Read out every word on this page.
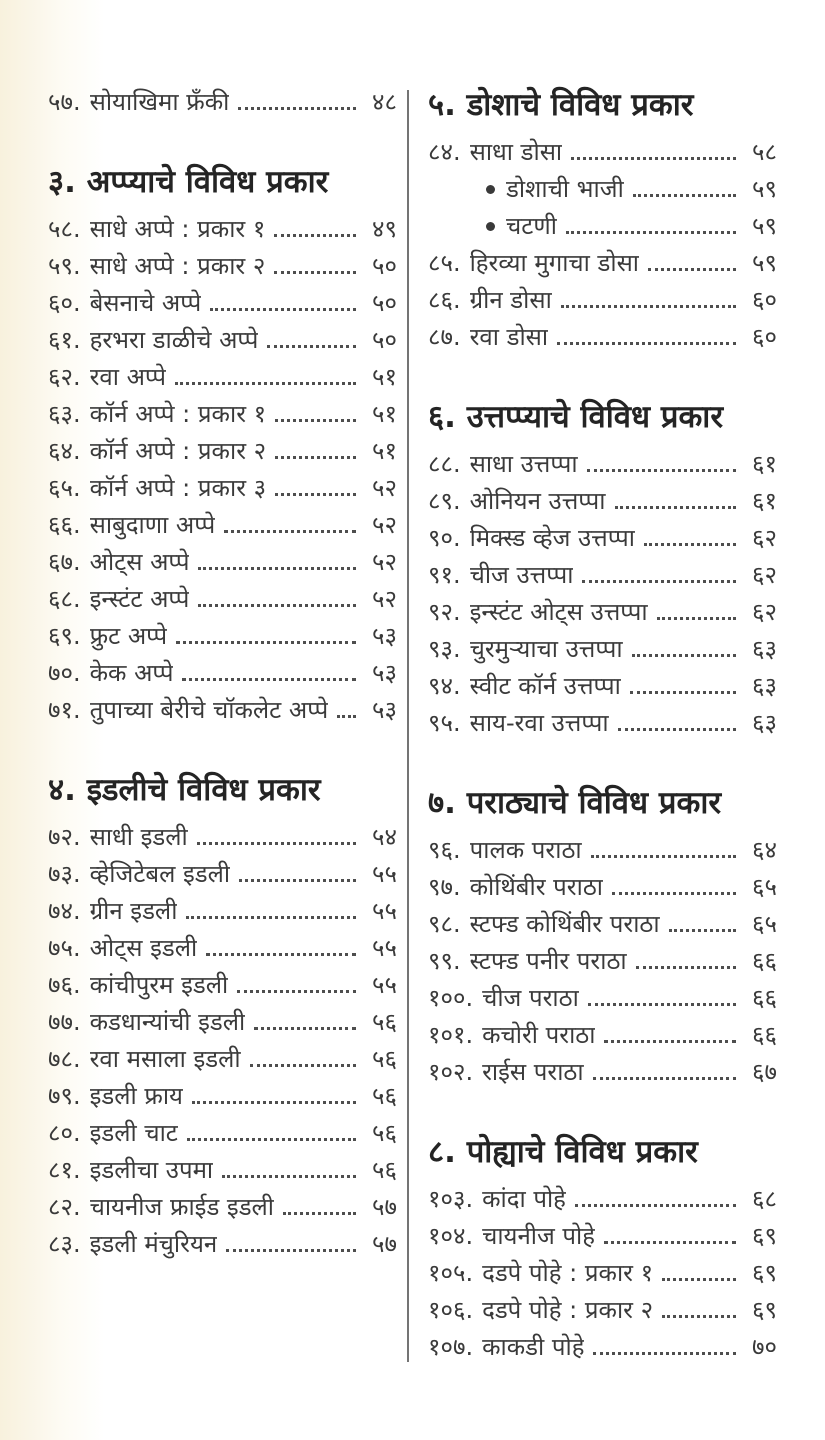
५७. सोयाखिमा फ्रँकी	४८
३. अप्प्याचे विविध प्रकार
५८. साधे अप्पे : प्रकार १	४९
५९. साधे अप्पे : प्रकार २	५०
६०. बेसनाचे अप्पे	५०
६१. हरभरा डाळीचे अप्पे	५०
६२. रवा अप्पे	५१
६३. कॉर्न अप्पे : प्रकार १	५१
६४. कॉर्न अप्पे : प्रकार २	५१
६५. कॉर्न अप्पे : प्रकार ३	५२
६६. साबुदाणा अप्पे	५२
६७. ओट्स अप्पे	५२
६८. इन्स्टंट अप्पे	५२
६९. फ्रुट अप्पे	५३
७०. केक अप्पे	५३
७१. तुपाच्या बेरीचे चॉकलेट अप्पे	५३
४. इडलीचे विविध प्रकार
७२. साधी इडली	५४
७३. व्हेजिटेबल इडली	५५
७४. ग्रीन इडली	५५
७५. ओट्स इडली	५५
७६. कांचीपुरम इडली	५५
७७. कडधान्यांची इडली	५६
७८. रवा मसाला इडली	५६
७९. इडली फ्राय	५६
८०. इडली चाट	५६
८१. इडलीचा उपमा	५६
८२. चायनीज फ्राईड इडली	५७
८३. इडली मंचुरियन	५७
५. डोशाचे विविध प्रकार
८४. साधा डोसा	५८
डोशाची भाजी	५९
चटणी	५९
८५. हिरव्या मुगाचा डोसा	५९
८६. ग्रीन डोसा	६०
८७. रवा डोसा	६०
६. उत्तप्प्याचे विविध प्रकार
८८. साधा उत्तप्पा	६१
८९. ओनियन उत्तप्पा	६१
९०. मिक्स्ड व्हेज उत्तप्पा	६२
९१. चीज उत्तप्पा	६२
९२. इन्स्टंट ओट्स उत्तप्पा	६२
९३. चुरमुऱ्याचा उत्तप्पा	६३
९४. स्वीट कॉर्न उत्तप्पा	६३
९५. साय-रवा उत्तप्पा	६३
७. पराठ्याचे विविध प्रकार
९६. पालक पराठा	६४
९७. कोथिंबीर पराठा	६५
९८. स्टफ्ड कोथिंबीर पराठा	६५
९९. स्टफ्ड पनीर पराठा	६६
१००. चीज पराठा	६६
१०१. कचोरी पराठा	६६
१०२. राईस पराठा	६७
८. पोह्याचे विविध प्रकार
१०३. कांदा पोहे	६८
१०४. चायनीज पोहे	६९
१०५. दडपे पोहे : प्रकार १	६९
१०६. दडपे पोहे : प्रकार २	६९
१०७. काकडी पोहे	७०
